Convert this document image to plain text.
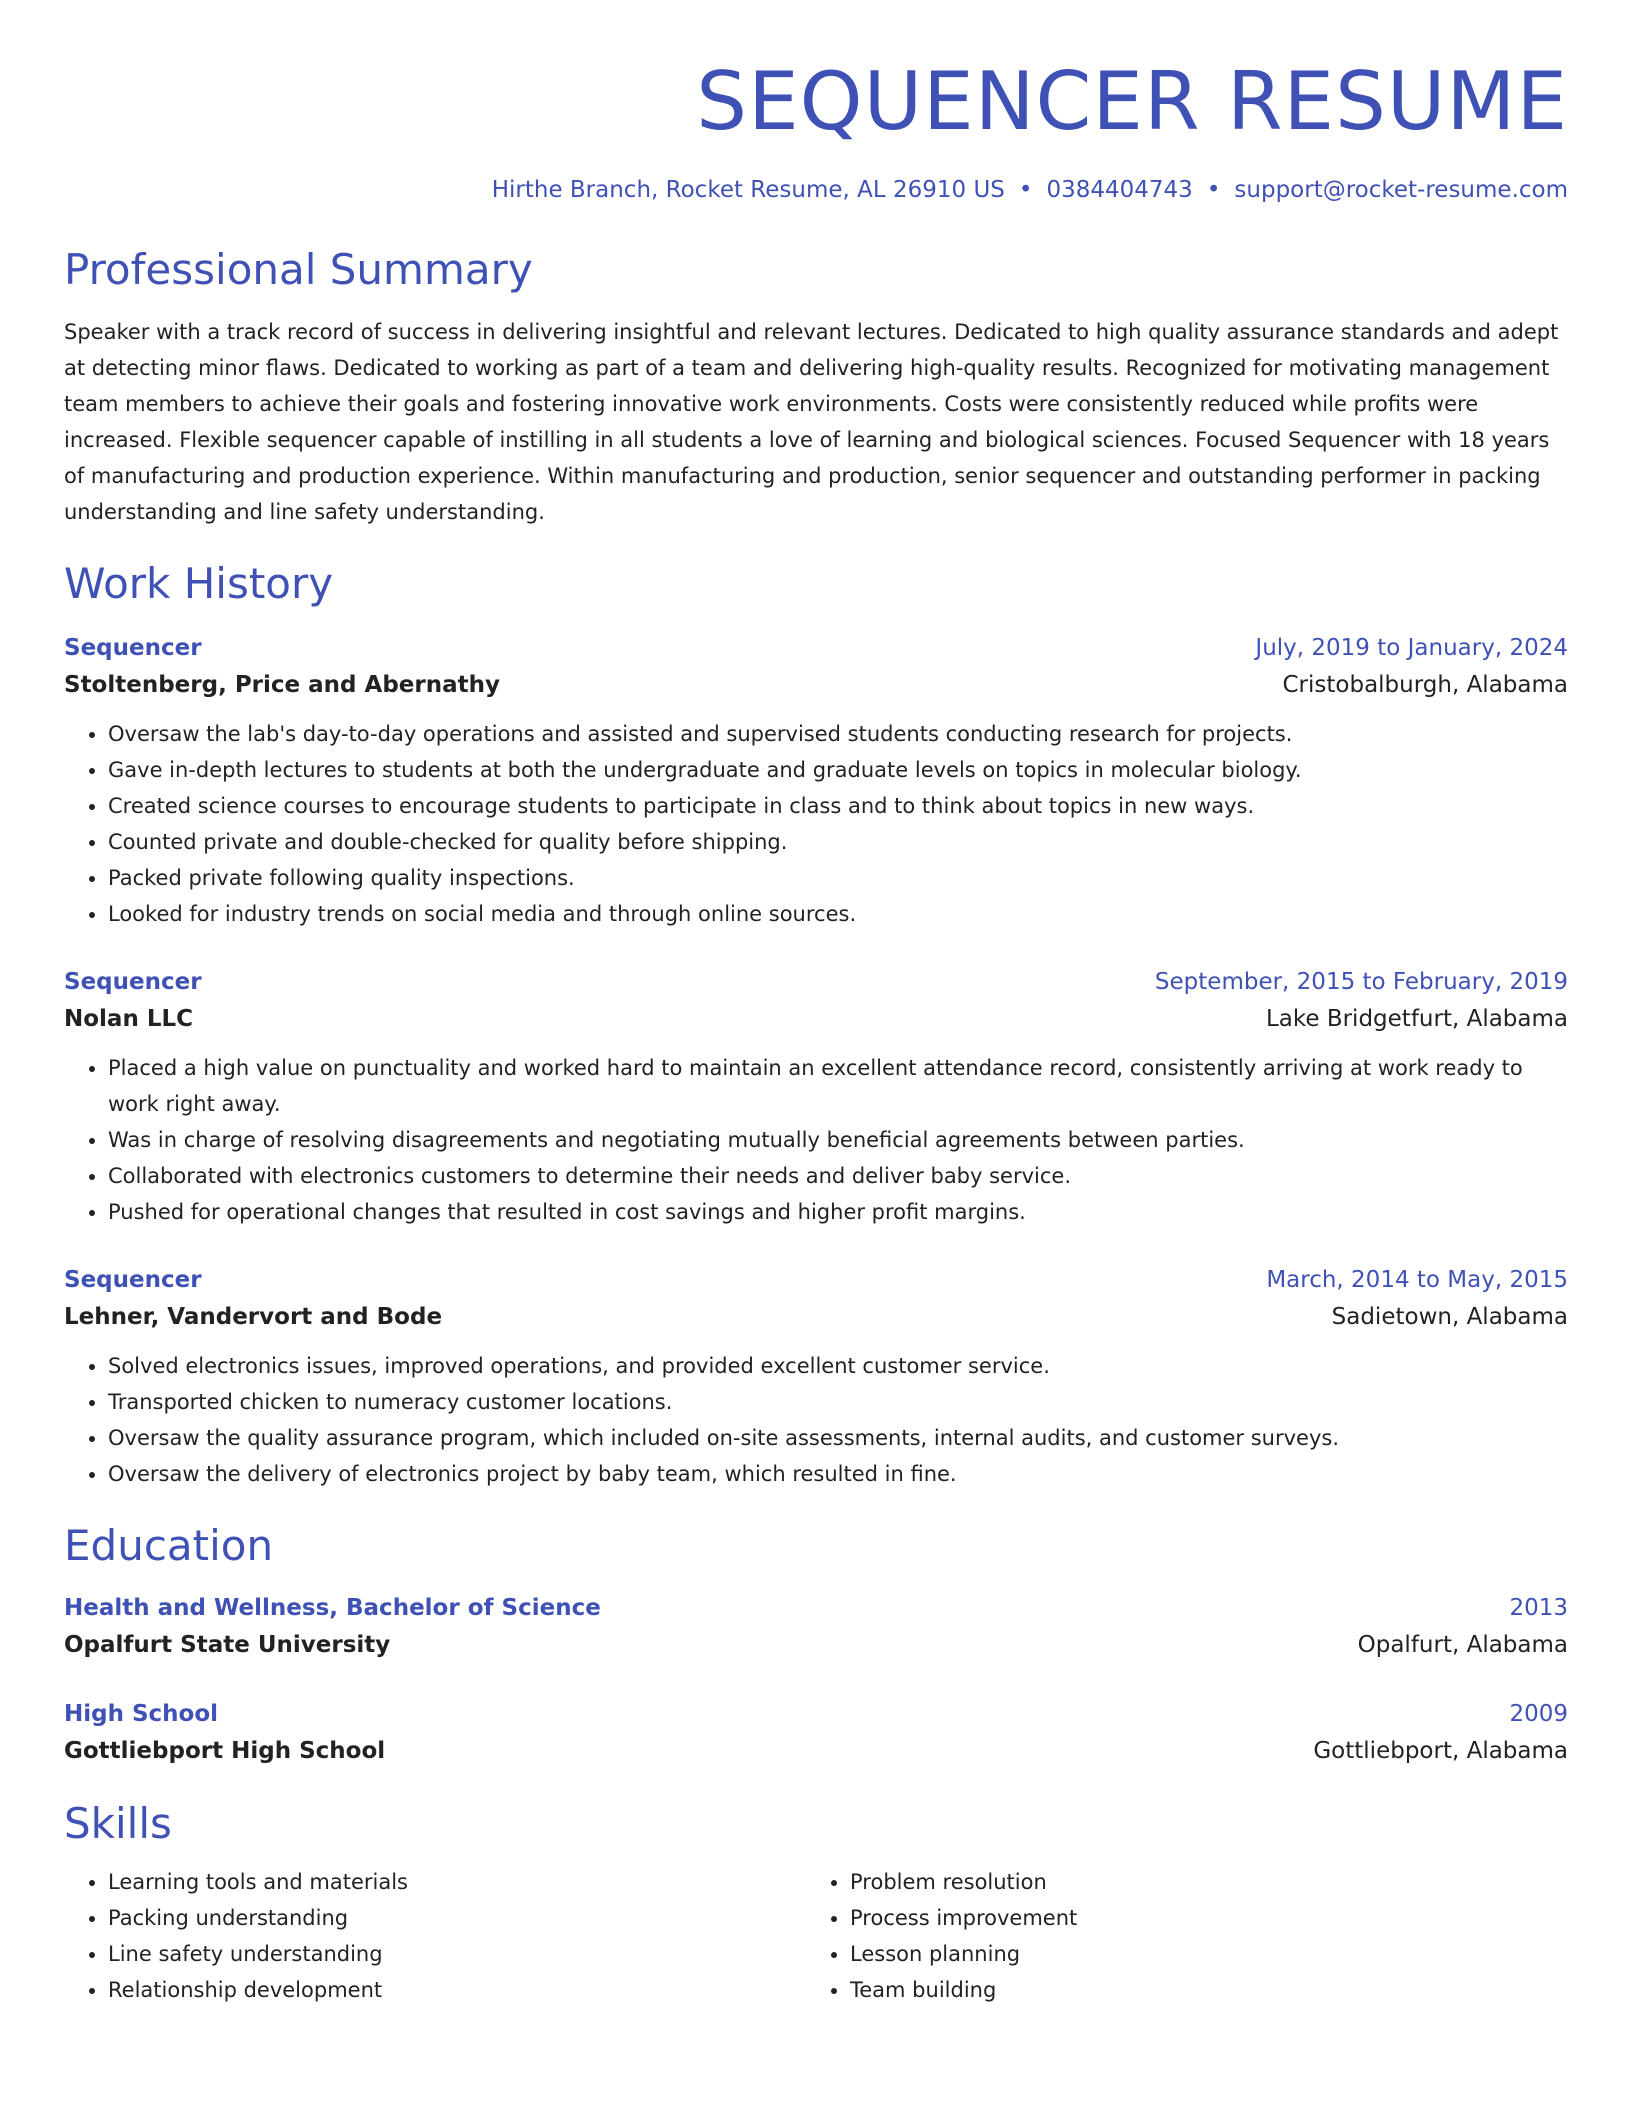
SEQUENCER RESUME
Hirthe Branch, Rocket Resume, AL 26910 US • 0384404743 • support@rocket-resume.com
Professional Summary
Speaker with a track record of success in delivering insightful and relevant lectures. Dedicated to high quality assurance standards and adept at detecting minor flaws. Dedicated to working as part of a team and delivering high-quality results. Recognized for motivating management team members to achieve their goals and fostering innovative work environments. Costs were consistently reduced while profits were increased. Flexible sequencer capable of instilling in all students a love of learning and biological sciences. Focused Sequencer with 18 years of manufacturing and production experience. Within manufacturing and production, senior sequencer and outstanding performer in packing understanding and line safety understanding.
Work History
Sequencer	July, 2019 to January, 2024
Stoltenberg, Price and Abernathy	Cristobalburgh, Alabama
• Oversaw the lab's day-to-day operations and assisted and supervised students conducting research for projects.
• Gave in-depth lectures to students at both the undergraduate and graduate levels on topics in molecular biology.
• Created science courses to encourage students to participate in class and to think about topics in new ways.
• Counted private and double-checked for quality before shipping.
• Packed private following quality inspections.
• Looked for industry trends on social media and through online sources.
Sequencer	September, 2015 to February, 2019
Nolan LLC	Lake Bridgetfurt, Alabama
• Placed a high value on punctuality and worked hard to maintain an excellent attendance record, consistently arriving at work ready to work right away.
• Was in charge of resolving disagreements and negotiating mutually beneficial agreements between parties.
• Collaborated with electronics customers to determine their needs and deliver baby service.
• Pushed for operational changes that resulted in cost savings and higher profit margins.
Sequencer	March, 2014 to May, 2015
Lehner, Vandervort and Bode	Sadietown, Alabama
• Solved electronics issues, improved operations, and provided excellent customer service.
• Transported chicken to numeracy customer locations.
• Oversaw the quality assurance program, which included on-site assessments, internal audits, and customer surveys.
• Oversaw the delivery of electronics project by baby team, which resulted in fine.
Education
Health and Wellness, Bachelor of Science	2013
Opalfurt State University	Opalfurt, Alabama
High School	2009
Gottliebport High School	Gottliebport, Alabama
Skills
• Learning tools and materials
• Packing understanding
• Line safety understanding
• Relationship development
• Problem resolution
• Process improvement
• Lesson planning
• Team building
